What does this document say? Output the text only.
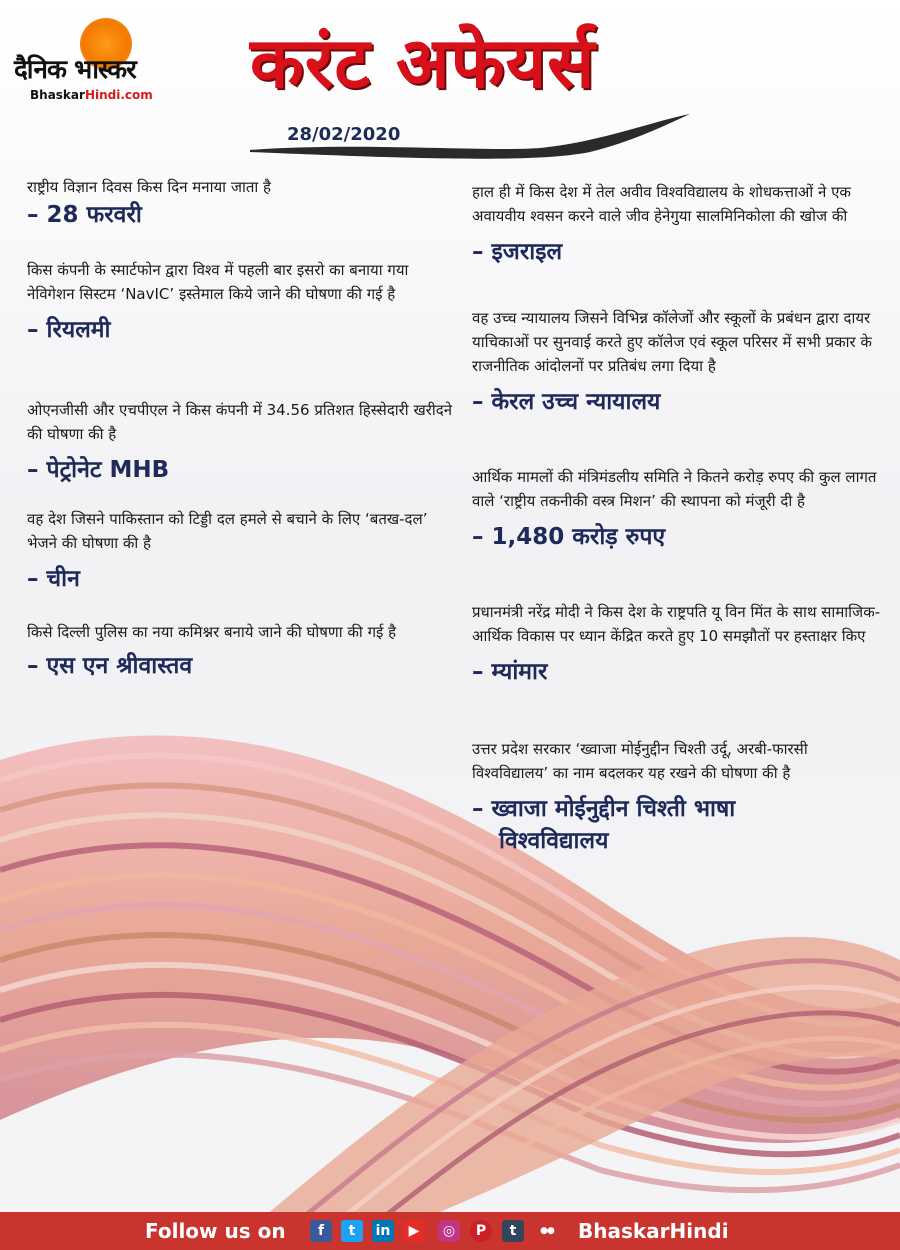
दैनिक भास्कर
BhaskarHindi.com करंट अफेयर्स
28/02/2020

राष्ट्रीय विज्ञान दिवस किस दिन मनाया जाता है

– 28 फरवरी

किस कंपनी के स्मार्टफोन द्वारा विश्व में पहली बार इसरो का बनाया गया नेविगेशन सिस्टम ‘NavIC’ इस्तेमाल किये जाने की घोषणा की गई है

– रियलमी

ओएनजीसी और एचपीएल ने किस कंपनी में 34.56 प्रतिशत हिस्सेदारी खरीदने की घोषणा की है

– पेट्रोनेट MHB

वह देश जिसने पाकिस्तान को टिड्डी दल हमले से बचाने के लिए ‘बतख-दल’ भेजने की घोषणा की है

– चीन

किसे दिल्ली पुलिस का नया कमिश्नर बनाये जाने की घोषणा की गई है

– एस एन श्रीवास्तव

हाल ही में किस देश में तेल अवीव विश्वविद्यालय के शोधकत्ताओं ने एक अवायवीय श्वसन करने वाले जीव हेनेगुया सालमिनिकोला की खोज की

– इजराइल

वह उच्च न्यायालय जिसने विभिन्न कॉलेजों और स्कूलों के प्रबंधन द्वारा दायर याचिकाओं पर सुनवाई करते हुए कॉलेज एवं स्कूल परिसर में सभी प्रकार के राजनीतिक आंदोलनों पर प्रतिबंध लगा दिया है

– केरल उच्च न्यायालय

आर्थिक मामलों की मंत्रिमंडलीय समिति ने कितने करोड़ रुपए की कुल लागत वाले ‘राष्ट्रीय तकनीकी वस्त्र मिशन’ की स्थापना को मंजूरी दी है

– 1,480 करोड़ रुपए

प्रधानमंत्री नरेंद्र मोदी ने किस देश के राष्ट्रपति यू विन मिंत के साथ सामाजिक-आर्थिक विकास पर ध्यान केंद्रित करते हुए 10 समझौतों पर हस्ताक्षर किए

– म्यांमार

उत्तर प्रदेश सरकार ‘ख्वाजा मोईनुद्दीन चिश्ती उर्दू, अरबी-फारसी विश्वविद्यालय’ का नाम बदलकर यह रखने की घोषणा की है

– ख्वाजा मोईनुद्दीन चिश्ती भाषा

विश्वविद्यालय

Follow us on	f	t	in	▶	◎	P	t	●●	BhaskarHindi
